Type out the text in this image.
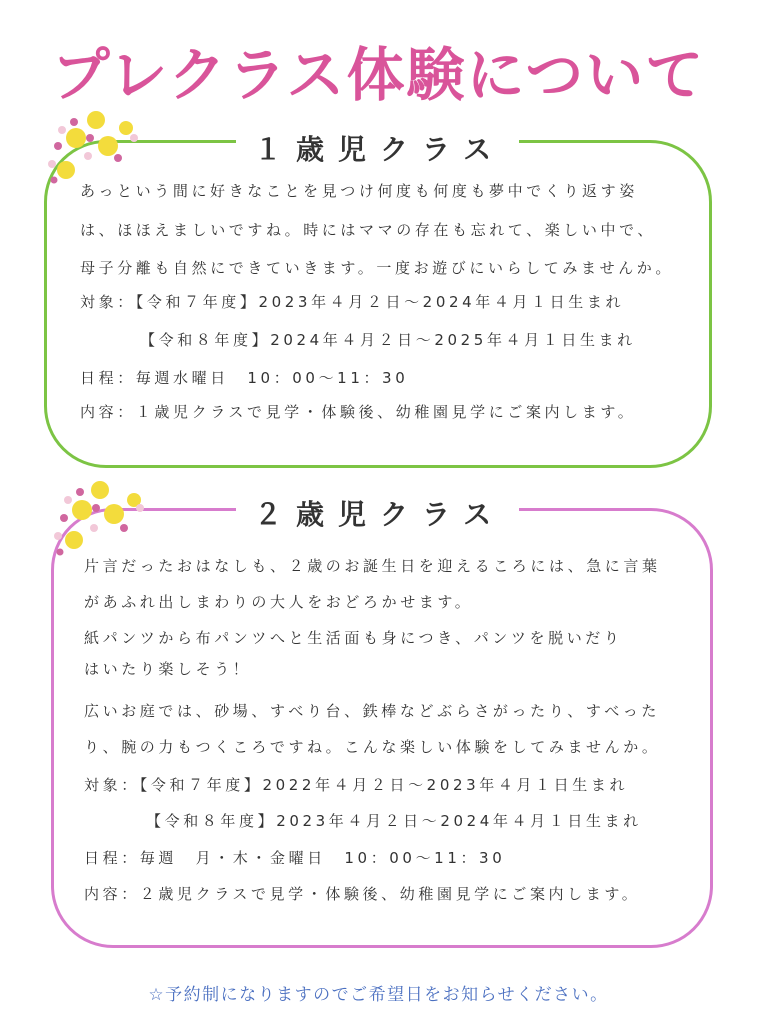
プレクラス体験について
１歳児クラス
２歳児クラス
あっという間に好きなことを見つけ何度も何度も夢中でくり返す姿
は、ほほえましいですね。時にはママの存在も忘れて、楽しい中で、
母子分離も自然にできていきます。一度お遊びにいらしてみませんか。
対象：【令和７年度】2023年４月２日～2024年４月１日生まれ
【令和８年度】2024年４月２日～2025年４月１日生まれ
日程：毎週水曜日　10：00～11：30
内容：１歳児クラスで見学・体験後、幼稚園見学にご案内します。
片言だったおはなしも、２歳のお誕生日を迎えるころには、急に言葉
があふれ出しまわりの大人をおどろかせます。
紙パンツから布パンツへと生活面も身につき、パンツを脱いだり
はいたり楽しそう！
広いお庭では、砂場、すべり台、鉄棒などぶらさがったり、すべった
り、腕の力もつくころですね。こんな楽しい体験をしてみませんか。
対象：【令和７年度】2022年４月２日～2023年４月１日生まれ
【令和８年度】2023年４月２日～2024年４月１日生まれ
日程：毎週　月・木・金曜日　10：00～11：30
内容：２歳児クラスで見学・体験後、幼稚園見学にご案内します。
☆予約制になりますのでご希望日をお知らせください。
